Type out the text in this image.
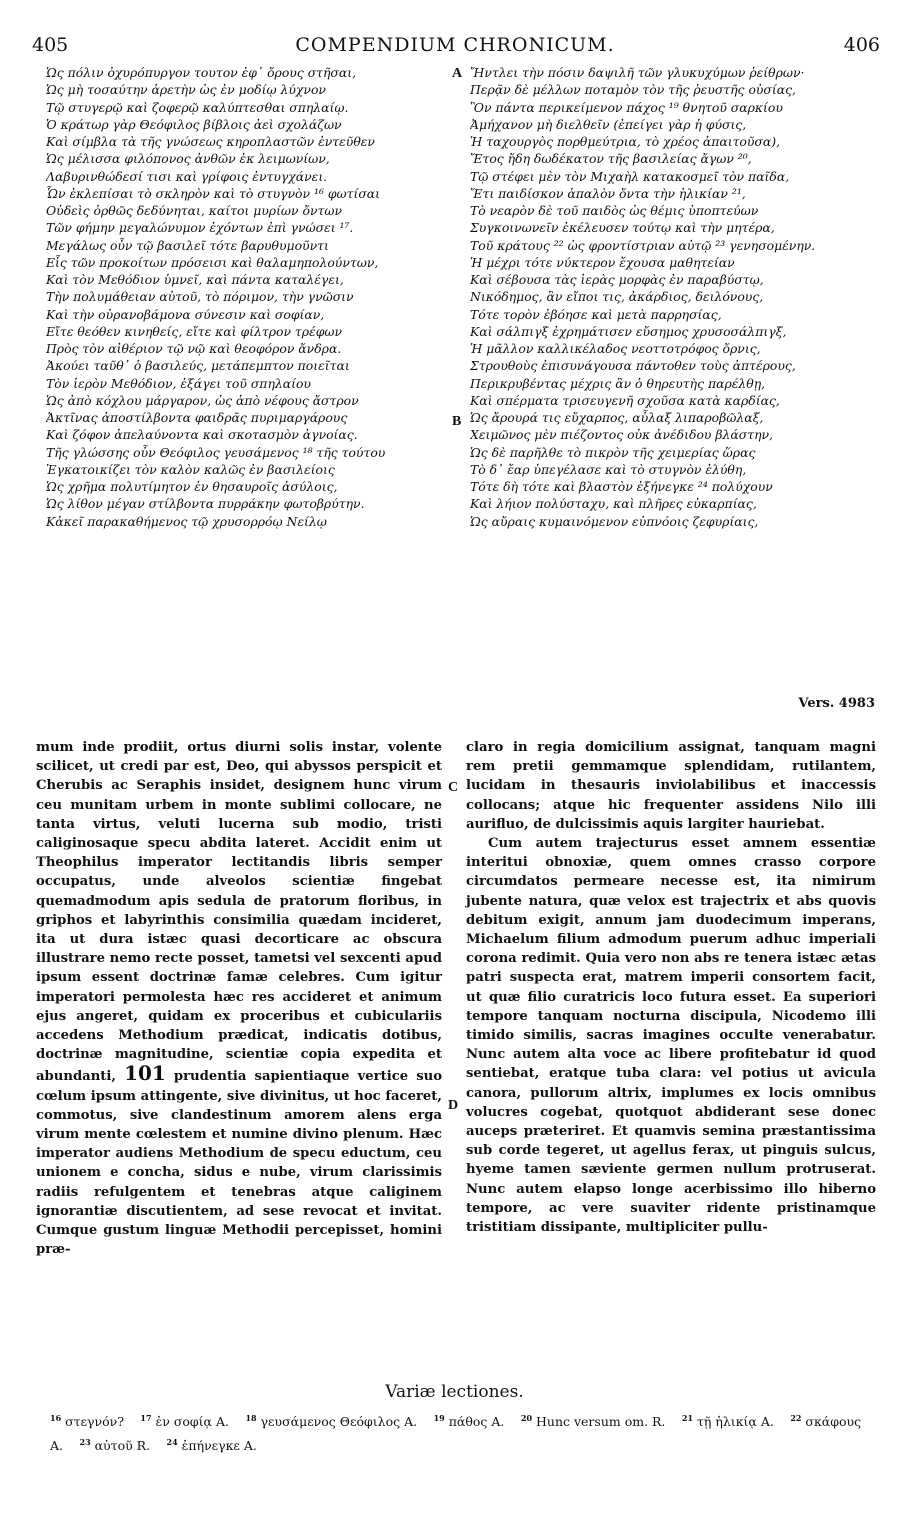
405	COMPENDIUM CHRONICUM.	406
Ὡς πόλιν ὀχυρόπυργον τουτον ἐφ᾽ ὄρους στῆσαι,
Ὡς μὴ τοσαύτην ἀρετὴν ὡς ἐν μοδίῳ λύχνον
Τῷ στυγερῷ καὶ ζοφερῷ καλύπτεσθαι σπηλαίῳ.
Ὁ κράτωρ γὰρ Θεόφιλος βίβλοις ἀεὶ σχολάζων
Καὶ σίμβλα τὰ τῆς γνώσεως κηροπλαστῶν ἐντεῦθεν
Ὡς μέλισσα φιλόπονος ἀνθῶν ἐκ λειμωνίων,
Λαβυρινθώδεσί τισι καὶ γρίφοις ἐντυγχάνει.
Ὧν ἐκλεπίσαι τὸ σκληρὸν καὶ τὸ στυγνὸν ¹⁶ φωτίσαι
Οὐδεὶς ὀρθῶς δεδύνηται, καίτοι μυρίων ὄντων
Τῶν φήμην μεγαλώνυμον ἐχόντων ἐπὶ γνώσει ¹⁷.
Μεγάλως οὖν τῷ βασιλεῖ τότε βαρυθυμοῦντι
Εἷς τῶν προκοίτων πρόσεισι καὶ θαλαμηπολούντων,
Καὶ τὸν Μεθόδιον ὑμνεῖ, καὶ πάντα καταλέγει,
Τὴν πολυμάθειαν αὐτοῦ, τὸ πόριμον, τὴν γνῶσιν
Καὶ τὴν οὐρανοβάμονα σύνεσιν καὶ σοφίαν,
Εἴτε θεόθεν κινηθείς, εἴτε καὶ φίλτρον τρέφων
Πρὸς τὸν αἰθέριον τῷ νῷ καὶ θεοφόρον ἄνδρα.
Ἀκούει ταῦθ᾽ ὁ βασιλεύς, μετάπεμπτον ποιεῖται
Τὸν ἱερὸν Μεθόδιον, ἐξάγει τοῦ σπηλαίου
Ὡς ἀπὸ κόχλου μάργαρον, ὡς ἀπὸ νέφους ἄστρον
Ἀκτῖνας ἀποστίλβοντα φαιδρᾶς πυριμαργάρους
Καὶ ζόφον ἀπελαύνοντα καὶ σκοτασμὸν ἀγνοίας.
Τῆς γλώσσης οὖν Θεόφιλος γευσάμενος ¹⁸ τῆς τούτου
Ἐγκατοικίζει τὸν καλὸν καλῶς ἐν βασιλείοις
Ὡς χρῆμα πολυτίμητον ἐν θησαυροῖς ἀσύλοις,
Ὡς λίθον μέγαν στίλβοντα πυρράκην φωτοβρύτην.
Κἀκεῖ παρακαθήμενος τῷ χρυσορρόῳ Νείλῳ
Ἤντλει τὴν πόσιν δαψιλῆ τῶν γλυκυχύμων ῥείθρων·
Περᾷν δὲ μέλλων ποταμὸν τὸν τῆς ῥευστῆς οὐσίας,
Ὃν πάντα περικείμενον πάχος ¹⁹ θνητοῦ σαρκίου
Ἀμήχανον μὴ διελθεῖν (ἐπείγει γὰρ ἡ φύσις,
Ἡ ταχουργὸς πορθμεύτρια, τὸ χρέος ἀπαιτοῦσα),
Ἔτος ἤδη δωδέκατον τῆς βασιλείας ἄγων ²⁰,
Τῷ στέφει μὲν τὸν Μιχαὴλ κατακοσμεῖ τὸν παῖδα,
Ἔτι παιδίσκον ἁπαλὸν ὄντα τὴν ἡλικίαν ²¹,
Τὸ νεαρὸν δὲ τοῦ παιδὸς ὡς θέμις ὑποπτεύων
Συγκοινωνεῖν ἐκέλευσεν τούτῳ καὶ τὴν μητέρα,
Τοῦ κράτους ²² ὡς φροντίστριαν αὐτῷ ²³ γενησομένην.
Ἡ μέχρι τότε νύκτερον ἔχουσα μαθητείαν
Καὶ σέβουσα τὰς ἱερὰς μορφὰς ἐν παραβύστῳ,
Νικόδημος, ἂν εἴποι τις, ἀκάρδιος, δειλόνους,
Τότε τορὸν ἐβόησε καὶ μετὰ παρρησίας,
Καὶ σάλπιγξ ἐχρημάτισεν εὔσημος χρυσοσάλπιγξ,
Ἡ μᾶλλον καλλικέλαδος νεοττοτρόφος ὄρνις,
Στρουθοὺς ἐπισυνάγουσα πάντοθεν τοὺς ἀπτέρους,
Περικρυβέντας μέχρις ἂν ὁ θηρευτὴς παρέλθῃ,
Καὶ σπέρματα τρισευγενῆ σχοῦσα κατὰ καρδίας,
Ὡς ἄρουρά τις εὔχαρπος, αὖλαξ λιπαροβῶλαξ,
Χειμῶνος μὲν πιέζοντος οὐκ ἀνέδιδου βλάστην,
Ὡς δὲ παρῆλθε τὸ πικρὸν τῆς χειμερίας ὥρας
Τὸ δ᾽ ἔαρ ὑπεγέλασε καὶ τὸ στυγνὸν ἐλύθη,
Τότε δὴ τότε καὶ βλαστὸν ἐξήνεγκε ²⁴ πολύχουν
Καὶ λήιον πολύσταχυ, καὶ πλῆρες εὐκαρπίας,
Ὡς αὔραις κυμαινόμενον εὐπνόοις ζεφυρίαις,
A
B
C
D
Vers. 4983

mum inde prodiit, ortus diurni solis instar, volente scilicet, ut credi par est, Deo, qui abyssos perspicit et Cherubis ac Seraphis insidet, designem hunc virum ceu munitam urbem in monte sublimi collocare, ne tanta virtus, veluti lucerna sub modio, tristi caliginosaque specu abdita lateret. Accidit enim ut Theophilus imperator lectitandis libris semper occupatus, unde alveolos scientiæ fingebat quemadmodum apis sedula de pratorum floribus, in griphos et labyrinthis consimilia quædam incideret, ita ut dura istæc quasi decorticare ac obscura illustrare nemo recte posset, tametsi vel sexcenti apud ipsum essent doctrinæ famæ celebres. Cum igitur imperatori permolesta hæc res accideret et animum ejus angeret, quidam ex proceribus et cubiculariis accedens Methodium prædicat, indicatis dotibus, doctrinæ magnitudine, scientiæ copia expedita et abundanti, 101 prudentia sapientiaque vertice suo cœlum ipsum attingente, sive divinitus, ut hoc faceret, commotus, sive clandestinum amorem alens erga virum mente cœlestem et numine divino plenum. Hæc imperator audiens Methodium de specu eductum, ceu unionem e concha, sidus e nube, virum clarissimis radiis refulgentem et tenebras atque caliginem ignorantiæ discutientem, ad sese revocat et invitat. Cumque gustum linguæ Methodii percepisset, homini præ-

claro in regia domicilium assignat, tanquam magni rem pretii gemmamque splendidam, rutilantem, lucidam in thesauris inviolabilibus et inaccessis collocans; atque hic frequenter assidens Nilo illi aurifluo, de dulcissimis aquis largiter hauriebat.

Cum autem trajecturus esset amnem essentiæ interitui obnoxiæ, quem omnes crasso corpore circumdatos permeare necesse est, ita nimirum jubente natura, quæ velox est trajectrix et abs quovis debitum exigit, annum jam duodecimum imperans, Michaelum filium admodum puerum adhuc imperiali corona redimit. Quia vero non abs re tenera istæc ætas patri suspecta erat, matrem imperii consortem facit, ut quæ filio curatricis loco futura esset. Ea superiori tempore tanquam nocturna discipula, Nicodemo illi timido similis, sacras imagines occulte venerabatur. Nunc autem alta voce ac libere profitebatur id quod sentiebat, eratque tuba clara: vel potius ut avicula canora, pullorum altrix, implumes ex locis omnibus volucres cogebat, quotquot abdiderant sese donec auceps præteriret. Et quamvis semina præstantissima sub corde tegeret, ut agellus ferax, ut pinguis sulcus, hyeme tamen sæviente germen nullum protruserat. Nunc autem elapso longe acerbissimo illo hiberno tempore, ac vere suaviter ridente pristinamque tristitiam dissipante, multipliciter pullu-

Variæ lectiones.
$^{16}$ στεγνόν?  $^{17}$ ἐν σοφίᾳ A.  $^{18}$ γευσάμενος Θεόφιλος A.  $^{19}$ πάθος A.  $^{20}$ Hunc versum om. R.  $^{21}$ τῇ ἡλικίᾳ A.  $^{22}$ σκάφους A.  $^{23}$ αὐτοῦ R.  $^{24}$ ἐπήνεγκε A. 
